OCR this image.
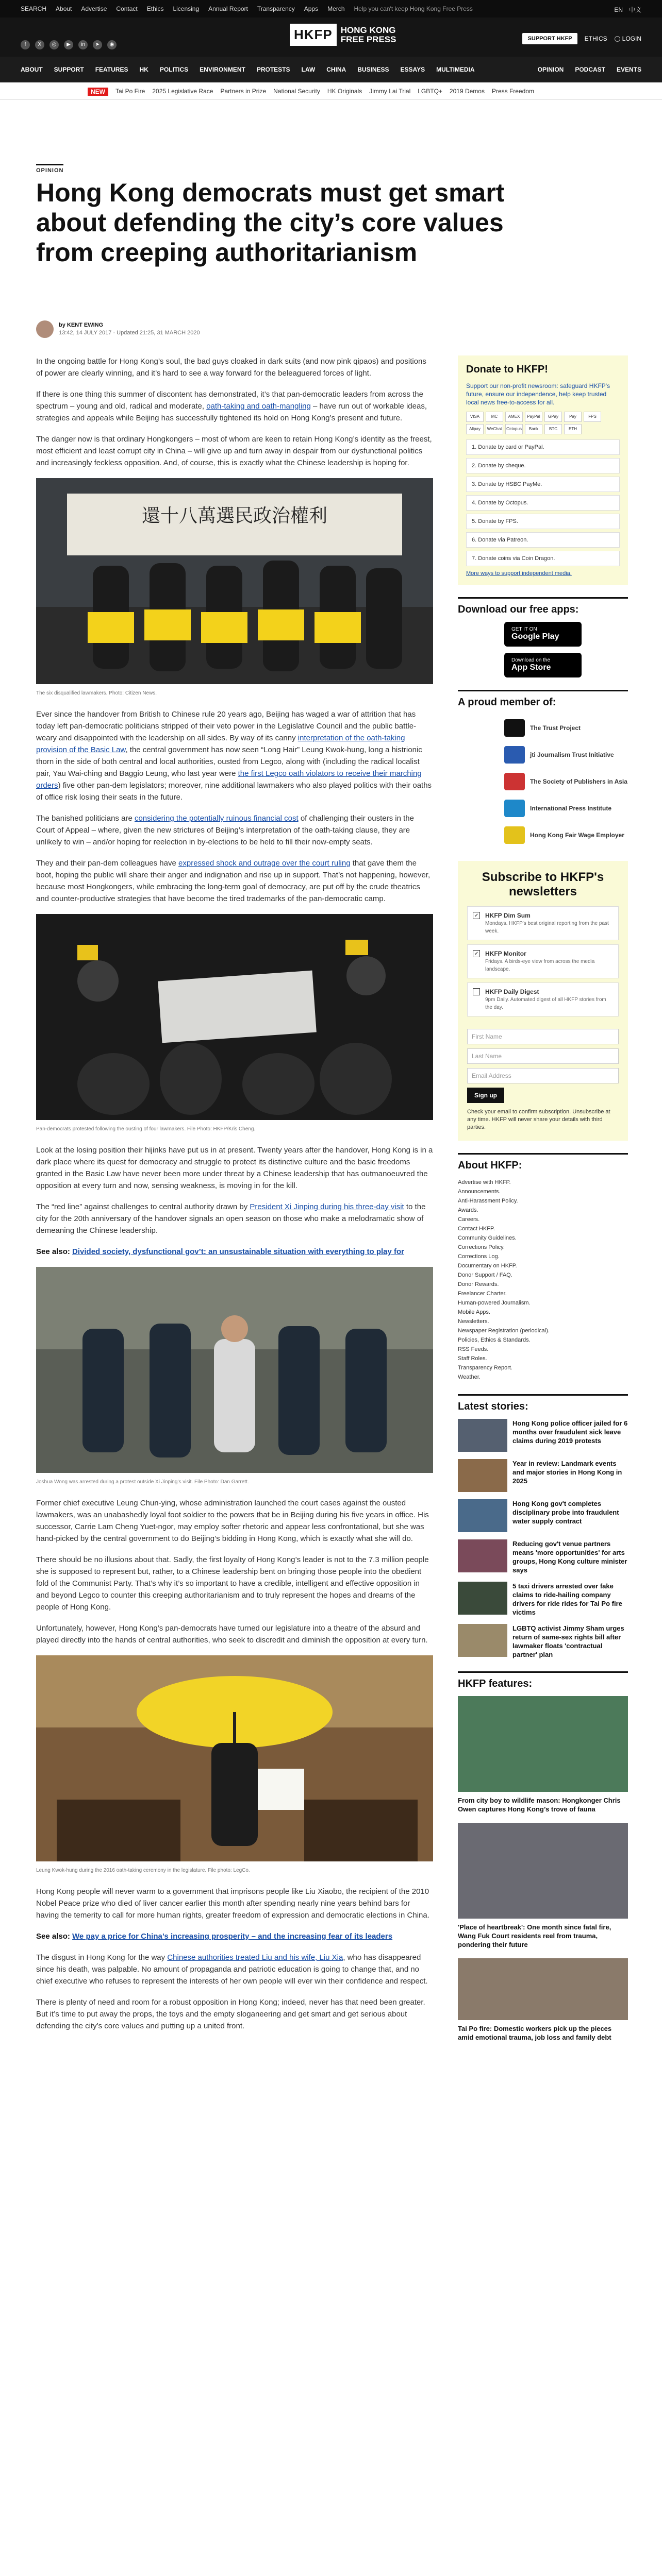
SEARCH About Advertise Contact Ethics Licensing Annual Report Transparency Apps Merch Help you can't keep Hong Kong Free Press	EN 中文
f	X	◎	▶	in	➤	◉
HKFP HONG KONG
FREE PRESS	SUPPORT HKFP	ETHICS	LOGIN
ABOUT SUPPORT FEATURES HK POLITICS ENVIRONMENT PROTESTS LAW CHINA BUSINESS ESSAYS MULTIMEDIA	OPINION PODCAST EVENTS
NEW	Tai Po Fire 2025 Legislative Race Partners in Prize National Security HK Originals Jimmy Lai Trial LGBTQ+ 2019 Demos Press Freedom
OPINION
Hong Kong democrats must get smart about defending the city’s core values from creeping authoritarianism
by KENT EWING
13:42, 14 JULY 2017 · Updated 21:25, 31 MARCH 2020

In the ongoing battle for Hong Kong’s soul, the bad guys cloaked in dark suits (and now pink qipaos) and positions of power are clearly winning, and it’s hard to see a way forward for the beleaguered forces of light.

If there is one thing this summer of discontent has demonstrated, it’s that pan-democratic leaders from across the spectrum – young and old, radical and moderate, oath-taking and oath-mangling – have run out of workable ideas, strategies and appeals while Beijing has successfully tightened its hold on Hong Kong’s present and future.

The danger now is that ordinary Hongkongers – most of whom are keen to retain Hong Kong’s identity as the freest, most efficient and least corrupt city in China – will give up and turn away in despair from our dysfunctional politics and increasingly feckless opposition. And, of course, this is exactly what the Chinese leadership is hoping for.

還十八萬選民政治權利
The six disqualified lawmakers. Photo: Citizen News.

Ever since the handover from British to Chinese rule 20 years ago, Beijing has waged a war of attrition that has today left pan-democratic politicians stripped of their veto power in the Legislative Council and the public battle-weary and disappointed with the leadership on all sides. By way of its canny interpretation of the oath-taking provision of the Basic Law, the central government has now seen “Long Hair” Leung Kwok-hung, long a histrionic thorn in the side of both central and local authorities, ousted from Legco, along with (including the radical localist pair, Yau Wai-ching and Baggio Leung, who last year were the first Legco oath violators to receive their marching orders) five other pan-dem legislators; moreover, nine additional lawmakers who also played politics with their oaths of office risk losing their seats in the future.

The banished politicians are considering the potentially ruinous financial cost of challenging their ousters in the Court of Appeal – where, given the new strictures of Beijing’s interpretation of the oath-taking clause, they are unlikely to win – and/or hoping for reelection in by-elections to be held to fill their now-empty seats.

They and their pan-dem colleagues have expressed shock and outrage over the court ruling that gave them the boot, hoping the public will share their anger and indignation and rise up in support. That’s not happening, however, because most Hongkongers, while embracing the long-term goal of democracy, are put off by the crude theatrics and counter-productive strategies that have become the tired trademarks of the pan-democratic camp.

Pan-democrats protested following the ousting of four lawmakers. File Photo: HKFP/Kris Cheng.

Look at the losing position their hijinks have put us in at present. Twenty years after the handover, Hong Kong is in a dark place where its quest for democracy and struggle to protect its distinctive culture and the basic freedoms granted in the Basic Law have never been more under threat by a Chinese leadership that has outmanoeuvred the opposition at every turn and now, sensing weakness, is moving in for the kill.

The “red line” against challenges to central authority drawn by President Xi Jinping during his three-day visit to the city for the 20th anniversary of the handover signals an open season on those who make a melodramatic show of demeaning the Chinese leadership.

See also: Divided society, dysfunctional gov’t: an unsustainable situation with everything to play for
Joshua Wong was arrested during a protest outside Xi Jinping’s visit. File Photo: Dan Garrett.

Former chief executive Leung Chun-ying, whose administration launched the court cases against the ousted lawmakers, was an unabashedly loyal foot soldier to the powers that be in Beijing during his five years in office. His successor, Carrie Lam Cheng Yuet-ngor, may employ softer rhetoric and appear less confrontational, but she was hand-picked by the central government to do Beijing’s bidding in Hong Kong, which is exactly what she will do.

There should be no illusions about that. Sadly, the first loyalty of Hong Kong’s leader is not to the 7.3 million people she is supposed to represent but, rather, to a Chinese leadership bent on bringing those people into the obedient fold of the Communist Party. That’s why it’s so important to have a credible, intelligent and effective opposition in and beyond Legco to counter this creeping authoritarianism and to truly represent the hopes and dreams of the people of Hong Kong.

Unfortunately, however, Hong Kong’s pan-democrats have turned our legislature into a theatre of the absurd and played directly into the hands of central authorities, who seek to discredit and diminish the opposition at every turn.

Leung Kwok-hung during the 2016 oath-taking ceremony in the legislature. File photo: LegCo.

Hong Kong people will never warm to a government that imprisons people like Liu Xiaobo, the recipient of the 2010 Nobel Peace prize who died of liver cancer earlier this month after spending nearly nine years behind bars for having the temerity to call for more human rights, greater freedom of expression and democratic elections in China.

See also: We pay a price for China’s increasing prosperity – and the increasing fear of its leaders

The disgust in Hong Kong for the way Chinese authorities treated Liu and his wife, Liu Xia, who has disappeared since his death, was palpable. No amount of propaganda and patriotic education is going to change that, and no chief executive who refuses to represent the interests of her own people will ever win their confidence and respect.

There is plenty of need and room for a robust opposition in Hong Kong; indeed, never has that need been greater. But it’s time to put away the props, the toys and the empty sloganeering and get smart and get serious about defending the city’s core values and putting up a united front.

Donate to HKFP!

Support our non-profit newsroom: safeguard HKFP's future, ensure our independence, help keep trusted local news free-to-access for all.

VISA	MC	AMEX	PayPal	GPay	Pay	FPS
Alipay	WeChat	Octopus	Bank	BTC	ETH
1. Donate by card or PayPal.
2. Donate by cheque.
3. Donate by HSBC PayMe.
4. Donate by Octopus.
5. Donate by FPS.
6. Donate via Patreon.
7. Donate coins via Coin Dragon.
More ways to support independent media.
Download our free apps:
GET IT ON
Google Play
Download on the
App Store
A proud member of:
The Trust Project
jti Journalism Trust Initiative
The Society of Publishers in Asia
International Press Institute
Hong Kong Fair Wage Employer
Subscribe to HKFP's newsletters
✔ HKFP Dim Sum
Mondays. HKFP's best original reporting from the past week.
✔ HKFP Monitor
Fridays. A birds-eye view from across the media landscape.
HKFP Daily Digest
9pm Daily. Automated digest of all HKFP stories from the day.
First Name
Last Name
Email Address
Sign up

Check your email to confirm subscription. Unsubscribe at any time. HKFP will never share your details with third parties.

About HKFP:
Advertise with HKFP.
Announcements.
Anti-Harassment Policy.
Awards.
Careers.
Contact HKFP.
Community Guidelines.
Corrections Policy.
Corrections Log.
Documentary on HKFP.
Donor Support / FAQ.
Donor Rewards.
Freelancer Charter.
Human-powered Journalism.
Mobile Apps.
Newsletters.
Newspaper Registration (periodical).
Policies, Ethics & Standards.
RSS Feeds.
Staff Roles.
Transparency Report.
Weather.
Latest stories:
Hong Kong police officer jailed for 6 months over fraudulent sick leave claims during 2019 protests
Year in review: Landmark events and major stories in Hong Kong in 2025
Hong Kong gov't completes disciplinary probe into fraudulent water supply contract
Reducing gov't venue partners means 'more opportunities' for arts groups, Hong Kong culture minister says
5 taxi drivers arrested over fake claims to ride-hailing company drivers for ride rides for Tai Po fire victims
LGBTQ activist Jimmy Sham urges return of same-sex rights bill after lawmaker floats 'contractual partner' plan
HKFP features:
From city boy to wildlife mason: Hongkonger Chris Owen captures Hong Kong’s trove of fauna
'Place of heartbreak': One month since fatal fire, Wang Fuk Court residents reel from trauma, pondering their future
Tai Po fire: Domestic workers pick up the pieces amid emotional trauma, job loss and family debt
